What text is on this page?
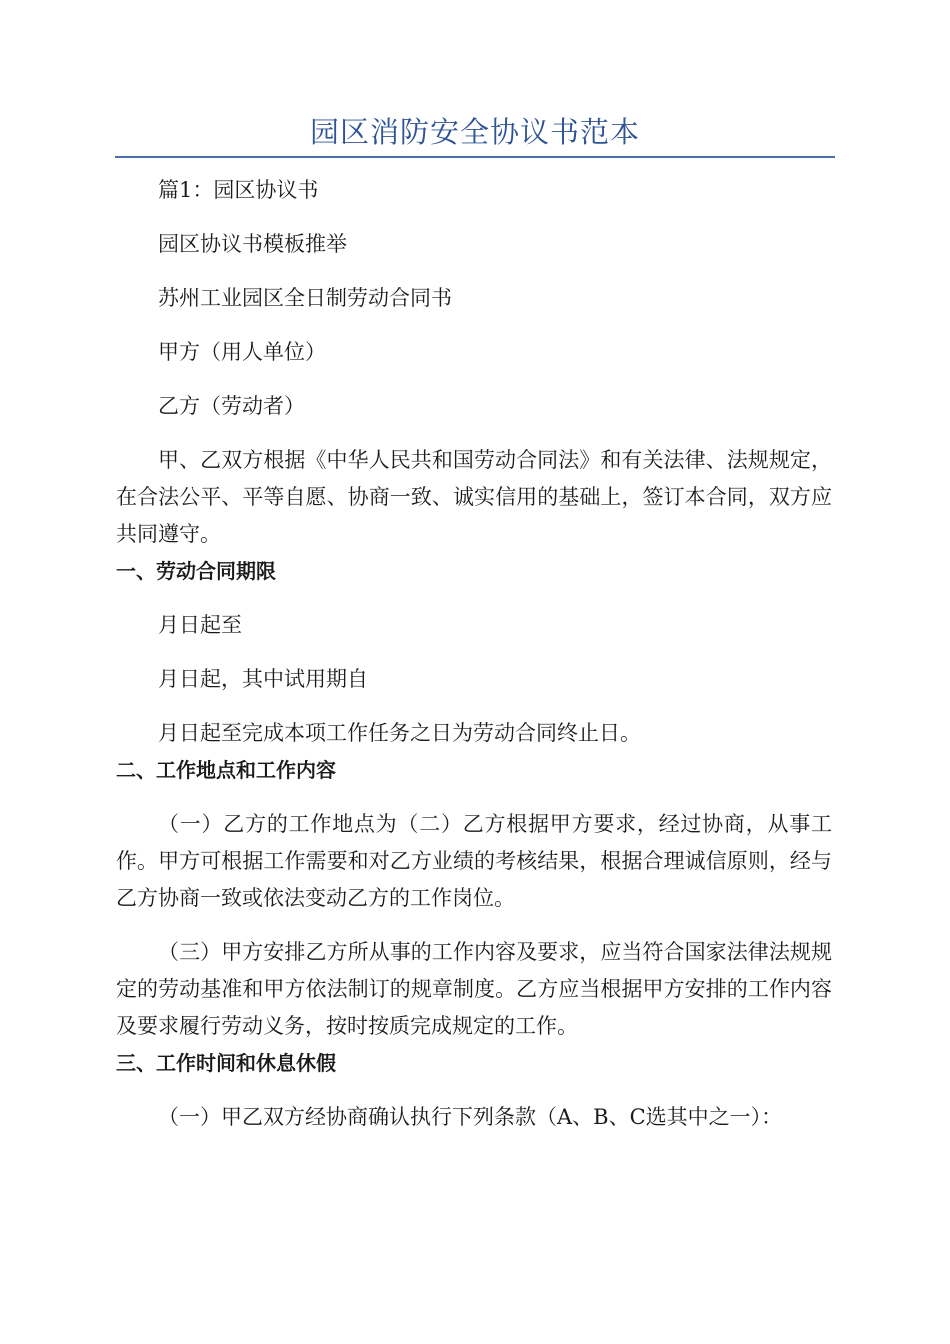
园区消防安全协议书范本

篇1：园区协议书

园区协议书模板推举

苏州工业园区全日制劳动合同书

甲方（用人单位）

乙方（劳动者）

甲、乙双方根据《中华人民共和国劳动合同法》和有关法律、法规规定，在合法公平、平等自愿、协商一致、诚实信用的基础上，签订本合同，双方应共同遵守。

一、劳动合同期限

月日起至

月日起，其中试用期自

月日起至完成本项工作任务之日为劳动合同终止日。

二、工作地点和工作内容

（一）乙方的工作地点为（二）乙方根据甲方要求，经过协商，从事工作。甲方可根据工作需要和对乙方业绩的考核结果，根据合理诚信原则，经与乙方协商一致或依法变动乙方的工作岗位。

（三）甲方安排乙方所从事的工作内容及要求，应当符合国家法律法规规定的劳动基准和甲方依法制订的规章制度。乙方应当根据甲方安排的工作内容及要求履行劳动义务，按时按质完成规定的工作。

三、工作时间和休息休假

（一）甲乙双方经协商确认执行下列条款（A、B、C选其中之一）：
